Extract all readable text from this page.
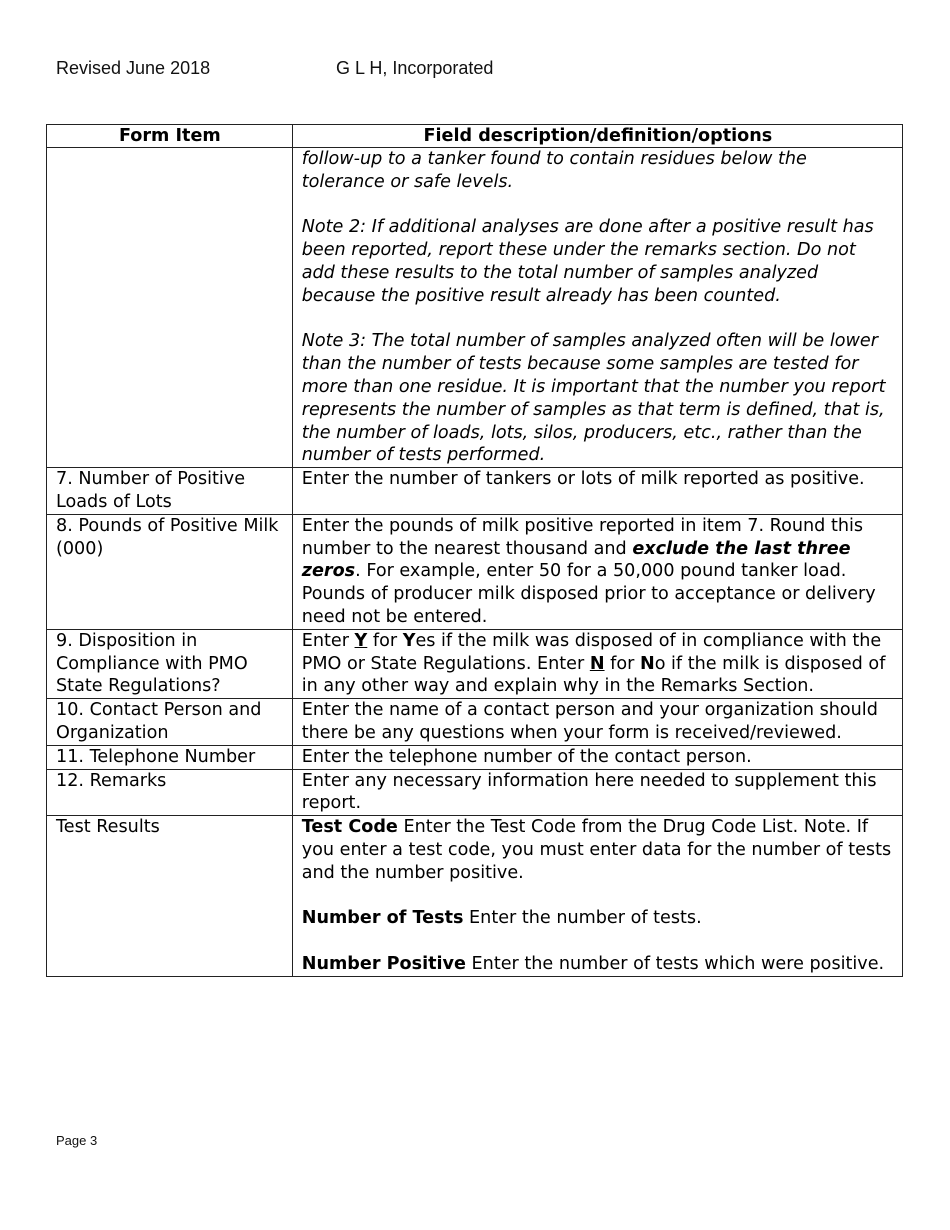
Revised June 2018	G L H, Incorporated
Form Item	Field description/definition/options
	follow-up to a tanker found to contain residues below the tolerance or safe levels.
Note 2: If additional analyses are done after a positive result has been reported, report these under the remarks section. Do not add these results to the total number of samples analyzed because the positive result already has been counted.
Note 3: The total number of samples analyzed often will be lower than the number of tests because some samples are tested for more than one residue. It is important that the number you report represents the number of samples as that term is defined, that is, the number of loads, lots, silos, producers, etc., rather than the number of tests performed.
7. Number of Positive Loads of Lots	Enter the number of tankers or lots of milk reported as positive.
8. Pounds of Positive Milk (000)	Enter the pounds of milk positive reported in item 7. Round this number to the nearest thousand and exclude the last three zeros. For example, enter 50 for a 50,000 pound tanker load. Pounds of producer milk disposed prior to acceptance or delivery need not be entered.
9. Disposition in Compliance with PMO State Regulations?	Enter Y for Yes if the milk was disposed of in compliance with the PMO or State Regulations. Enter N for No if the milk is disposed of in any other way and explain why in the Remarks Section.
10. Contact Person and Organization	Enter the name of a contact person and your organization should there be any questions when your form is received/reviewed.
11. Telephone Number	Enter the telephone number of the contact person.
12. Remarks	Enter any necessary information here needed to supplement this report.
Test Results	Test Code Enter the Test Code from the Drug Code List. Note. If you enter a test code, you must enter data for the number of tests and the number positive.
Number of Tests Enter the number of tests.
Number Positive Enter the number of tests which were positive.
Page 3
